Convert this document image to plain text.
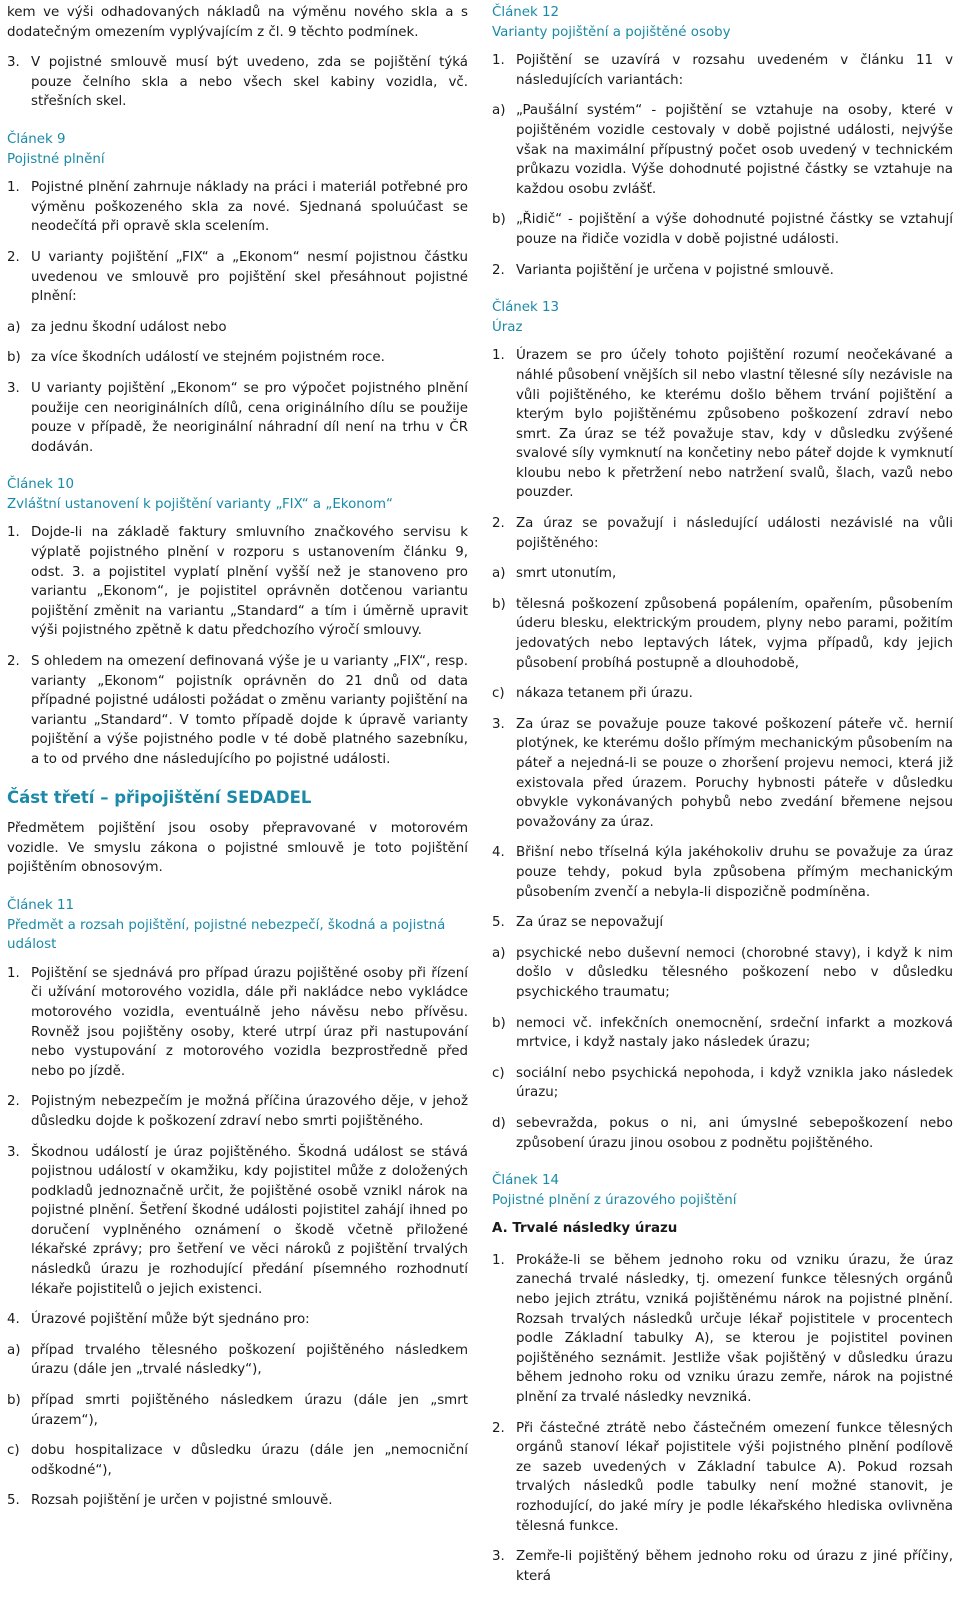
kem ve výši odhadovaných nákladů na výměnu nového skla a s dodatečným omezením vyplývajícím z čl. 9 těchto podmínek.

3. V pojistné smlouvě musí být uvedeno, zda se pojištění týká pouze čelního skla a nebo všech skel kabiny vozidla, vč. střešních skel.
Článek 9
Pojistné plnění
1. Pojistné plnění zahrnuje náklady na práci i materiál potřebné pro výměnu poškozeného skla za nové. Sjednaná spoluúčast se neodečítá při opravě skla scelením.
2. U varianty pojištění „FIX“ a „Ekonom“ nesmí pojistnou částku uvedenou ve smlouvě pro pojištění skel přesáhnout pojistné plnění:
a) za jednu škodní událost nebo
b) za více škodních událostí ve stejném pojistném roce.
3. U varianty pojištění „Ekonom“ se pro výpočet pojistného plnění použije cen neoriginálních dílů, cena originálního dílu se použije pouze v případě, že neoriginální náhradní díl není na trhu v ČR dodáván.
Článek 10
Zvláštní ustanovení k pojištění varianty „FIX“ a „Ekonom“
1. Dojde-li na základě faktury smluvního značkového servisu k výplatě pojistného plnění v rozporu s ustanovením článku 9, odst. 3. a pojistitel vyplatí plnění vyšší než je stanoveno pro variantu „Ekonom“, je pojistitel oprávněn dotčenou variantu pojištění změnit na variantu „Standard“ a tím i úměrně upravit výši pojistného zpětně k datu předchozího výročí smlouvy.
2. S ohledem na omezení definovaná výše je u varianty „FIX“, resp. varianty „Ekonom“ pojistník oprávněn do 21 dnů od data případné pojistné události požádat o změnu varianty pojištění na variantu „Standard“. V tomto případě dojde k úpravě varianty pojištění a výše pojistného podle v té době platného sazebníku, a to od prvého dne následujícího po pojistné události.
Část třetí – připojištění SEDADEL

Předmětem pojištění jsou osoby přepravované v motorovém vozidle. Ve smyslu zákona o pojistné smlouvě je toto pojištění pojištěním obnosovým.

Článek 11
Předmět a rozsah pojištění, pojistné nebezpečí, škodná a pojistná událost
1. Pojištění se sjednává pro případ úrazu pojištěné osoby při řízení či užívání motorového vozidla, dále při nakládce nebo vykládce motorového vozidla, eventuálně jeho návěsu nebo přívěsu. Rovněž jsou pojištěny osoby, které utrpí úraz při nastupování nebo vystupování z motorového vozidla bezprostředně před nebo po jízdě.
2. Pojistným nebezpečím je možná příčina úrazového děje, v jehož důsledku dojde k poškození zdraví nebo smrti pojištěného.
3. Škodnou událostí je úraz pojištěného. Škodná událost se stává pojistnou událostí v okamžiku, kdy pojistitel může z doložených podkladů jednoznačně určit, že pojištěné osobě vznikl nárok na pojistné plnění. Šetření škodné události pojistitel zahájí ihned po doručení vyplněného oznámení o škodě včetně přiložené lékařské zprávy; pro šetření ve věci nároků z pojištění trvalých následků úrazu je rozhodující předání písemného rozhodnutí lékaře pojistitelů o jejich existenci.
4. Úrazové pojištění může být sjednáno pro:
a) případ trvalého tělesného poškození pojištěného následkem úrazu (dále jen „trvalé následky“),
b) případ smrti pojištěného následkem úrazu (dále jen „smrt úrazem“),
c) dobu hospitalizace v důsledku úrazu (dále jen „nemocniční odškodné“),
5. Rozsah pojištění je určen v pojistné smlouvě.
Článek 12
Varianty pojištění a pojištěné osoby
1. Pojištění se uzavírá v rozsahu uvedeném v článku 11 v následujících variantách:
a) „Paušální systém“ - pojištění se vztahuje na osoby, které v pojištěném vozidle cestovaly v době pojistné události, nejvýše však na maximální přípustný počet osob uvedený v technickém průkazu vozidla. Výše dohodnuté pojistné částky se vztahuje na každou osobu zvlášť.
b) „Řidič“ - pojištění a výše dohodnuté pojistné částky se vztahují pouze na řidiče vozidla v době pojistné události.
2. Varianta pojištění je určena v pojistné smlouvě.
Článek 13
Úraz
1. Úrazem se pro účely tohoto pojištění rozumí neočekávané a náhlé působení vnějších sil nebo vlastní tělesné síly nezávisle na vůli pojištěného, ke kterému došlo během trvání pojištění a kterým bylo pojištěnému způsobeno poškození zdraví nebo smrt. Za úraz se též považuje stav, kdy v důsledku zvýšené svalové síly vymknutí na končetiny nebo páteř dojde k vymknutí kloubu nebo k přetržení nebo natržení svalů, šlach, vazů nebo pouzder.
2. Za úraz se považují i následující události nezávislé na vůli pojištěného:
a) smrt utonutím,
b) tělesná poškození způsobená popálením, opařením, působením úderu blesku, elektrickým proudem, plyny nebo parami, požitím jedovatých nebo leptavých látek, vyjma případů, kdy jejich působení probíhá postupně a dlouhodobě,
c) nákaza tetanem při úrazu.
3. Za úraz se považuje pouze takové poškození páteře vč. hernií plotýnek, ke kterému došlo přímým mechanickým působením na páteř a nejedná-li se pouze o zhoršení projevu nemoci, která již existovala před úrazem. Poruchy hybnosti páteře v důsledku obvykle vykonávaných pohybů nebo zvedání břemene nejsou považovány za úraz.
4. Břišní nebo tříselná kýla jakéhokoliv druhu se považuje za úraz pouze tehdy, pokud byla způsobena přímým mechanickým působením zvenčí a nebyla-li dispozičně podmíněna.
5. Za úraz se nepovažují
a) psychické nebo duševní nemoci (chorobné stavy), i když k nim došlo v důsledku tělesného poškození nebo v důsledku psychického traumatu;
b) nemoci vč. infekčních onemocnění, srdeční infarkt a mozková mrtvice, i když nastaly jako následek úrazu;
c) sociální nebo psychická nepohoda, i když vznikla jako následek úrazu;
d) sebevražda, pokus o ni, ani úmyslné sebepoškození nebo způsobení úrazu jinou osobou z podnětu pojištěného.
Článek 14
Pojistné plnění z úrazového pojištění
A. Trvalé následky úrazu
1. Prokáže-li se během jednoho roku od vzniku úrazu, že úraz zanechá trvalé následky, tj. omezení funkce tělesných orgánů nebo jejich ztrátu, vzniká pojištěnému nárok na pojistné plnění. Rozsah trvalých následků určuje lékař pojistitele v procentech podle Základní tabulky A), se kterou je pojistitel povinen pojištěného seznámit. Jestliže však pojištěný v důsledku úrazu během jednoho roku od vzniku úrazu zemře, nárok na pojistné plnění za trvalé následky nevzniká.
2. Při částečné ztrátě nebo částečném omezení funkce tělesných orgánů stanoví lékař pojistitele výši pojistného plnění podílově ze sazeb uvedených v Základní tabulce A). Pokud rozsah trvalých následků podle tabulky není možné stanovit, je rozhodující, do jaké míry je podle lékařského hlediska ovlivněna tělesná funkce.
3. Zemře-li pojištěný během jednoho roku od úrazu z jiné příčiny, která
